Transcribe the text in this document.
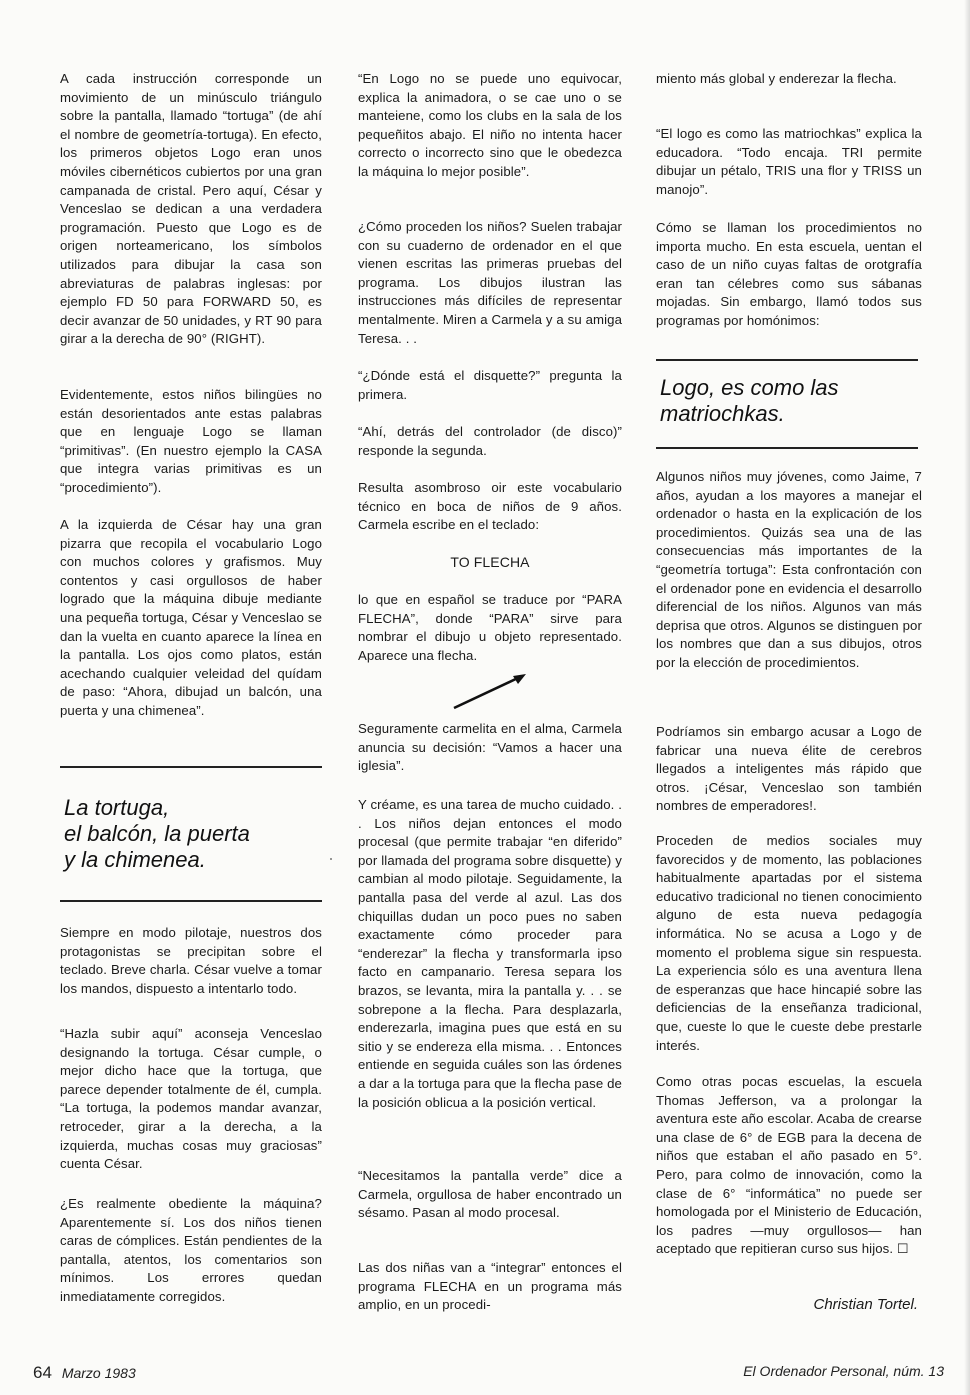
A cada instrucción corresponde un movimiento de un minúsculo triángulo sobre la pantalla, llamado “tortuga” (de ahí el nombre de geometría-tortuga). En efecto, los primeros objetos Logo eran unos móviles cibernéticos cubiertos por una gran campanada de cristal. Pero aquí, César y Venceslao se dedican a una verdadera programación. Puesto que Logo es de origen norteamericano, los símbolos utilizados para dibujar la casa son abreviaturas de palabras inglesas: por ejemplo FD 50 para FORWARD 50, es decir avanzar de 50 unidades, y RT 90 para girar a la derecha de 90° (RIGHT).

Evidentemente, estos niños bilingües no están desorientados ante estas palabras que en lenguaje Logo se llaman “primitivas”. (En nuestro ejemplo la CASA que integra varias primitivas es un “procedimiento”).

A la izquierda de César hay una gran pizarra que recopila el vocabulario Logo con muchos colores y grafismos. Muy contentos y casi orgullosos de haber logrado que la máquina dibuje mediante una pequeña tortuga, César y Venceslao se dan la vuelta en cuanto aparece la línea en la pantalla. Los ojos como platos, están acechando cualquier veleidad del quídam de paso: “Ahora, dibujad un balcón, una puerta y una chimenea”.

La tortuga,
el balcón, la puerta
y la chimenea.

Siempre en modo pilotaje, nuestros dos protagonistas se precipitan sobre el teclado. Breve charla. César vuelve a tomar los mandos, dispuesto a intentarlo todo.

“Hazla subir aquí” aconseja Venceslao designando la tortuga. César cumple, o mejor dicho hace que la tortuga, que parece depender totalmente de él, cumpla. “La tortuga, la podemos mandar avanzar, retroceder, girar a la derecha, a la izquierda, muchas cosas muy graciosas” cuenta César.

¿Es realmente obediente la máquina? Aparentemente sí. Los dos niños tienen caras de cómplices. Están pendientes de la pantalla, atentos, los comentarios son mínimos. Los errores quedan inmediatamente corregidos.

“En Logo no se puede uno equivocar, explica la animadora, o se cae uno o se manteiene, como los clubs en la sala de los pequeñitos abajo. El niño no intenta hacer correcto o incorrecto sino que le obedezca la máquina lo mejor posible”.

¿Cómo proceden los niños? Suelen trabajar con su cuaderno de ordenador en el que vienen escritas las primeras pruebas del programa. Los dibujos ilustran las instrucciones más difíciles de representar mentalmente. Miren a Carmela y a su amiga Teresa. . .

“¿Dónde está el disquette?” pregunta la primera.

“Ahí, detrás del controlador (de disco)” responde la segunda.

Resulta asombroso oir este vocabulario técnico en boca de niños de 9 años. Carmela escribe en el teclado:

TO FLECHA

lo que en español se traduce por “PARA FLECHA”, donde “PARA” sirve para nombrar el dibujo u objeto representado. Aparece una flecha.

Seguramente carmelita en el alma, Carmela anuncia su decisión: “Vamos a hacer una iglesia”.

Y créame, es una tarea de mucho cuidado. . . Los niños dejan entonces el modo procesal (que permite trabajar “en diferido” por llamada del programa sobre disquette) y cambian al modo pilotaje. Seguidamente, la pantalla pasa del verde al azul. Las dos chiquillas dudan un poco pues no saben exactamente cómo proceder para “enderezar” la flecha y transformarla ipso facto en campanario. Teresa separa los brazos, se levanta, mira la pantalla y. . . se sobrepone a la flecha. Para desplazarla, enderezarla, imagina pues que está en su sitio y se endereza ella misma. . . Entonces entiende en seguida cuáles son las órdenes a dar a la tortuga para que la flecha pase de la posición oblicua a la posición vertical.

“Necesitamos la pantalla verde” dice a Carmela, orgullosa de haber encontrado un sésamo. Pasan al modo procesal.

Las dos niñas van a “integrar” entonces el programa FLECHA en un programa más amplio, en un procedi-

miento más global y enderezar la flecha.

“El logo es como las matriochkas” explica la educadora. “Todo encaja. TRI permite dibujar un pétalo, TRIS una flor y TRISS un manojo”.

Cómo se llaman los procedimientos no importa mucho. En esta escuela, uentan el caso de un niño cuyas faltas de orotgrafía eran tan célebres como sus sábanas mojadas. Sin embargo, llamó todos sus programas por homónimos:

Logo, es como las
matriochkas.

Algunos niños muy jóvenes, como Jaime, 7 años, ayudan a los mayores a manejar el ordenador o hasta en la explicación de los procedimientos. Quizás sea una de las consecuencias más importantes de la “geometría tortuga”: Esta confrontación con el ordenador pone en evidencia el desarrollo diferencial de los niños. Algunos van más deprisa que otros. Algunos se distinguen por los nombres que dan a sus dibujos, otros por la elección de procedimientos.

Podríamos sin embargo acusar a Logo de fabricar una nueva élite de cerebros llegados a inteligentes más rápido que otros. ¡César, Venceslao son también nombres de emperadores!.

Proceden de medios sociales muy favorecidos y de momento, las poblaciones habitualmente apartadas por el sistema educativo tradicional no tienen conocimiento alguno de esta nueva pedagogía informática. No se acusa a Logo y de momento el problema sigue sin respuesta. La experiencia sólo es una aventura llena de esperanzas que hace hincapié sobre las deficiencias de la enseñanza tradicional, que, cueste lo que le cueste debe prestarle interés.

Como otras pocas escuelas, la escuela Thomas Jefferson, va a prolongar la aventura este año escolar. Acaba de crearse una clase de 6° de EGB para la decena de niños que estaban el año pasado en 5°. Pero, para colmo de innovación, como la clase de 6° “informática” no puede ser homologada por el Ministerio de Educación, los padres —muy orgullosos— han aceptado que repitieran curso sus hijos. ☐

Christian Tortel.
64 Marzo 1983	El Ordenador Personal, núm. 13
